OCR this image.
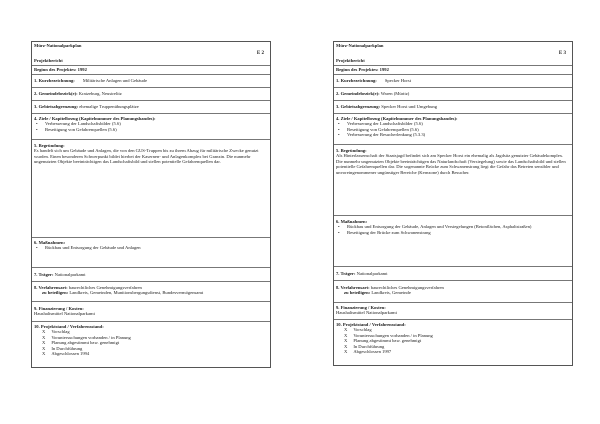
Mürz-Nationalparkplan
E 2
Projektbericht
Beginn des Projektes: 1992
1. Kurzbezeichnung: Militärische Anlagen und Gebäude
2. Gemeindebezirk(e): Kratzeburg, Neustrelitz
3. Gebietsabgrenzung: ehemalige Truppenübungsplätze
4. Ziele / Kapitelbezug (Kapitelnummer des Planungsbandes):
•	Verbesserung der Landschaftsbilder (5.6)
•	Beseitigung von Gefahrenquellen (5.6)
5. Begründung:
Es handelt sich um Gebäude und Anlagen, die von den GUS-Truppen bis zu ihrem Abzug für militärische Zwecke genutzt wurden. Einen besonderen Schwerpunkt bildet hierbei der Kasernen- und Anlagenkomplex bei Granzin. Die nunmehr ungenutzten Objekte beeinträchtigen das Landschaftsbild und stellen potentielle Gefahrenquellen dar.
6. Maßnahmen:
•	Rückbau und Entsorgung der Gebäude und Anlagen
7. Träger: Nationalparkamt
8. Verfahrensart: baurechtliches Genehmigungsverfahren
zu beteiligen: Landkreis, Gemeinden, Munitionsbergungsdienst, Bundesvermögensamt
9. Finanzierung / Kosten:
Haushaltsmittel Nationalparkamt
10. Projektstand / Verfahrensstand:
X Vorschlag
X Voruntersuchungen vorhanden / in Planung
X Planung abgestimmt bzw. genehmigt
X In Durchführung
X Abgeschlossen 1994
Mürz-Nationalparkplan
E 3
Projektbericht
Beginn des Projektes: 1992
1. Kurzbezeichnung: Specker Horst
2. Gemeindebezirk(e): Waren (Müritz)
3. Gebietsabgrenzung: Specker Horst und Umgebung
4. Ziele / Kapitelbezug (Kapitelnummer des Planungsbandes):
•	Verbesserung der Landschaftsbilder (5.6)
•	Beseitigung von Gefahrenquellen (5.6)
•	Verbesserung der Besucherlenkung (5.3.3)
5. Begründung:
Als Hinterlassenschaft der Staatsjagd befindet sich am Specker Horst ein ehemalig als Jagdsitz genutzter Gebäudekomplex. Die nunmehr ungenutzten Objekte beeinträchtigen das Naturlandschaft (Versiegelung) sowie das Landschaftsbild und stellen potentielle Gefahrenquellen dar. Die sogenannte Brücke zum Schwanenstrang liegt die Gefahr das Betreten sensibler und unvoreingenommener ungünstiger Bereiche (Kernzone) durch Besucher.
6. Maßnahmen:
•	Rückbau und Entsorgung der Gebäude, Anlagen und Versiegelungen (Betonflächen, Asphaltstraßen)
•	Beseitigung der Brücke zum Schwanenstrang
7. Träger: Nationalparkamt
8. Verfahrensart: baurechtliches Genehmigungsverfahren
zu beteiligen: Landkreis, Gemeinde
9. Finanzierung / Kosten:
Haushaltsmittel Nationalparkamt
10. Projektstand / Verfahrensstand:
X Vorschlag
X Voruntersuchungen vorhanden / in Planung
X Planung abgestimmt bzw. genehmigt
X In Durchführung
X Abgeschlossen 1997
